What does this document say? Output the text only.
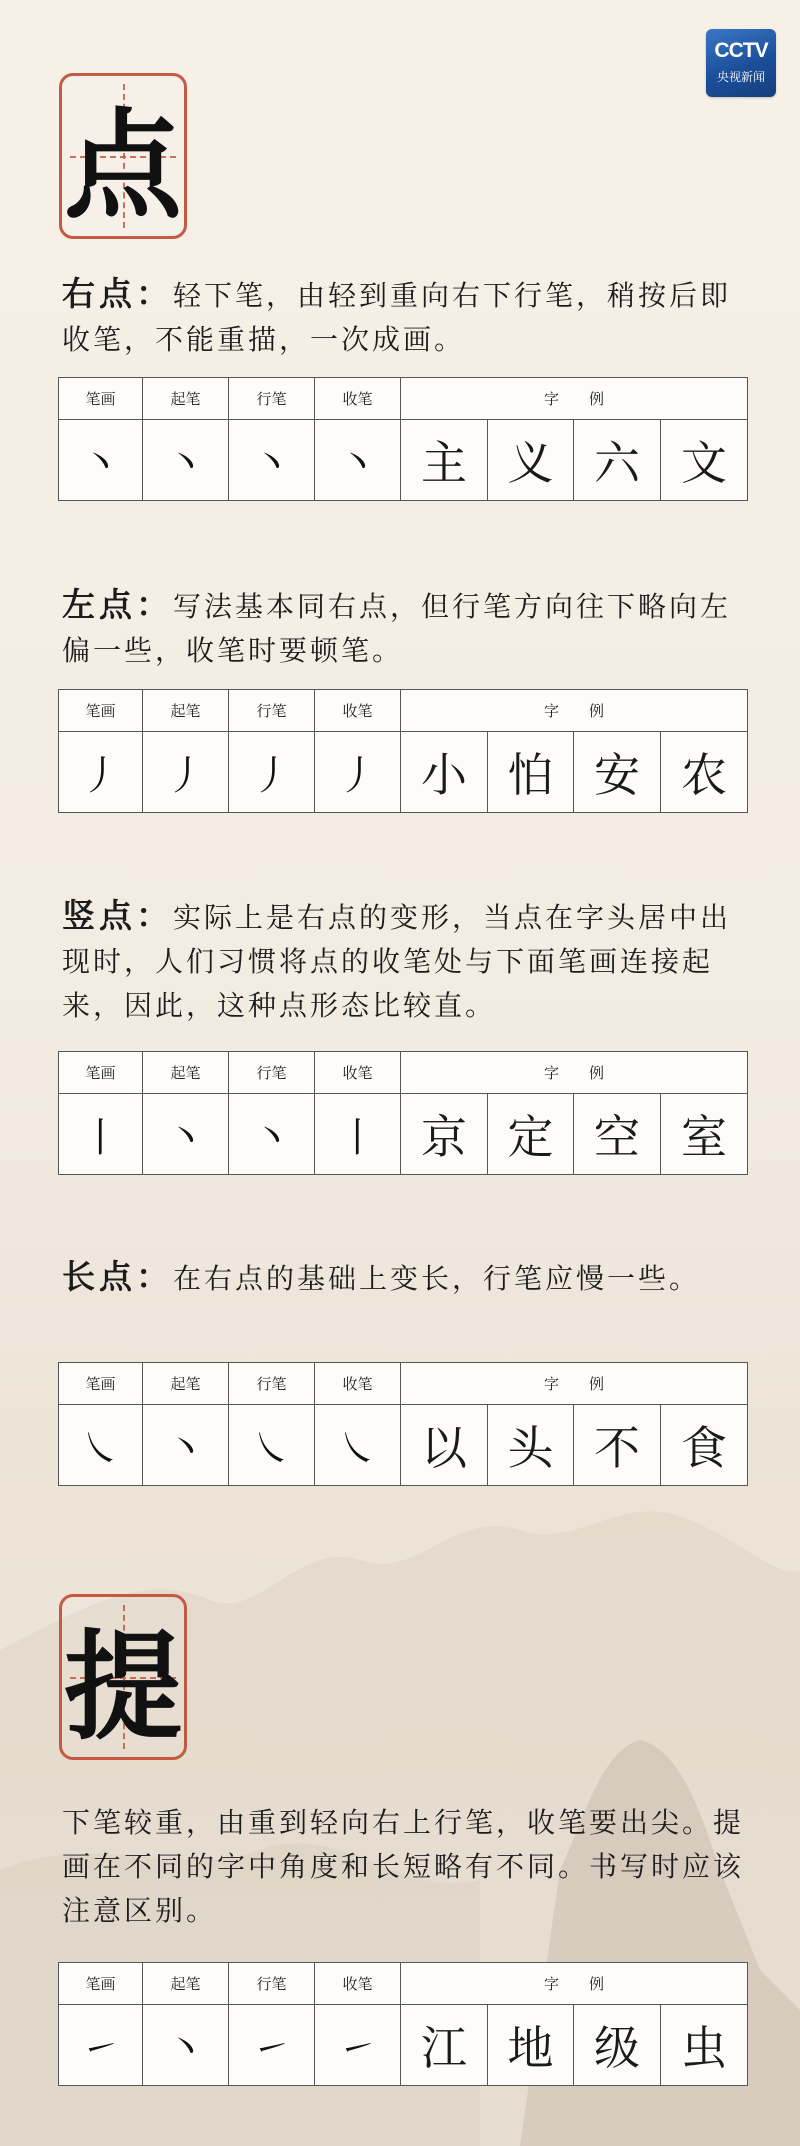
CCTV
央视新闻
点

右点：轻下笔，由轻到重向右下行笔，稍按后即收笔，不能重描，一次成画。

笔画	起笔	行笔	收笔	字　　例			
丶	丶	丶	丶	主	义	六	文

左点：写法基本同右点，但行笔方向往下略向左偏一些，收笔时要顿笔。

笔画	起笔	行笔	收笔	字　　例			
丿	丿	丿	丿	小	怕	安	农

竖点：实际上是右点的变形，当点在字头居中出现时，人们习惯将点的收笔处与下面笔画连接起来，因此，这种点形态比较直。

笔画	起笔	行笔	收笔	字　　例			
丨	丶	丶	丨	京	定	空	室

长点：在右点的基础上变长，行笔应慢一些。

笔画	起笔	行笔	收笔	字　　例			
㇏	丶	㇏	㇏	以	头	不	食
提

下笔较重，由重到轻向右上行笔，收笔要出尖。提画在不同的字中角度和长短略有不同。书写时应该注意区别。

笔画	起笔	行笔	收笔	字　　例			
㇀	丶	㇀	㇀	江	地	级	虫
